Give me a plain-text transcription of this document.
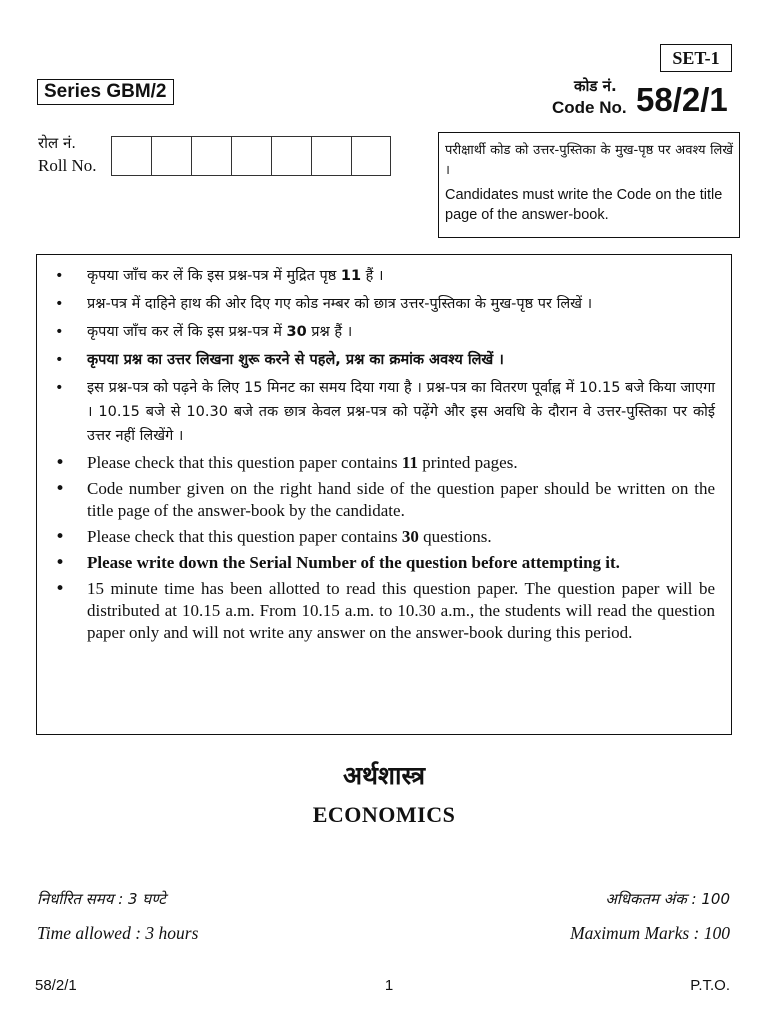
SET-1
Series GBM/2	कोड नं.
Code No. 58/2/1
रोल नं.
Roll No.
परीक्षार्थी कोड को उत्तर-पुस्तिका के मुख-पृष्ठ पर अवश्य लिखें ।
Candidates must write the Code on the title page of the answer-book.
• कृपया जाँच कर लें कि इस प्रश्न-पत्र में मुद्रित पृष्ठ 11 हैं ।
• प्रश्न-पत्र में दाहिने हाथ की ओर दिए गए कोड नम्बर को छात्र उत्तर-पुस्तिका के मुख-पृष्ठ पर लिखें ।
• कृपया जाँच कर लें कि इस प्रश्न-पत्र में 30 प्रश्न हैं ।
• कृपया प्रश्न का उत्तर लिखना शुरू करने से पहले, प्रश्न का क्रमांक अवश्य लिखें ।
• इस प्रश्न-पत्र को पढ़ने के लिए 15 मिनट का समय दिया गया है । प्रश्न-पत्र का वितरण पूर्वाह्न में 10.15 बजे किया जाएगा । 10.15 बजे से 10.30 बजे तक छात्र केवल प्रश्न-पत्र को पढ़ेंगे और इस अवधि के दौरान वे उत्तर-पुस्तिका पर कोई उत्तर नहीं लिखेंगे ।
• Please check that this question paper contains 11 printed pages.
• Code number given on the right hand side of the question paper should be written on the title page of the answer-book by the candidate.
• Please check that this question paper contains 30 questions.
• Please write down the Serial Number of the question before attempting it.
• 15 minute time has been allotted to read this question paper. The question paper will be distributed at 10.15 a.m. From 10.15 a.m. to 10.30 a.m., the students will read the question paper only and will not write any answer on the answer-book during this period.
अर्थशास्त्र
ECONOMICS
निर्धारित समय : 3 घण्टे
Time allowed : 3 hours
अधिकतम अंक : 100
Maximum Marks : 100
58/2/1	1	P.T.O.
